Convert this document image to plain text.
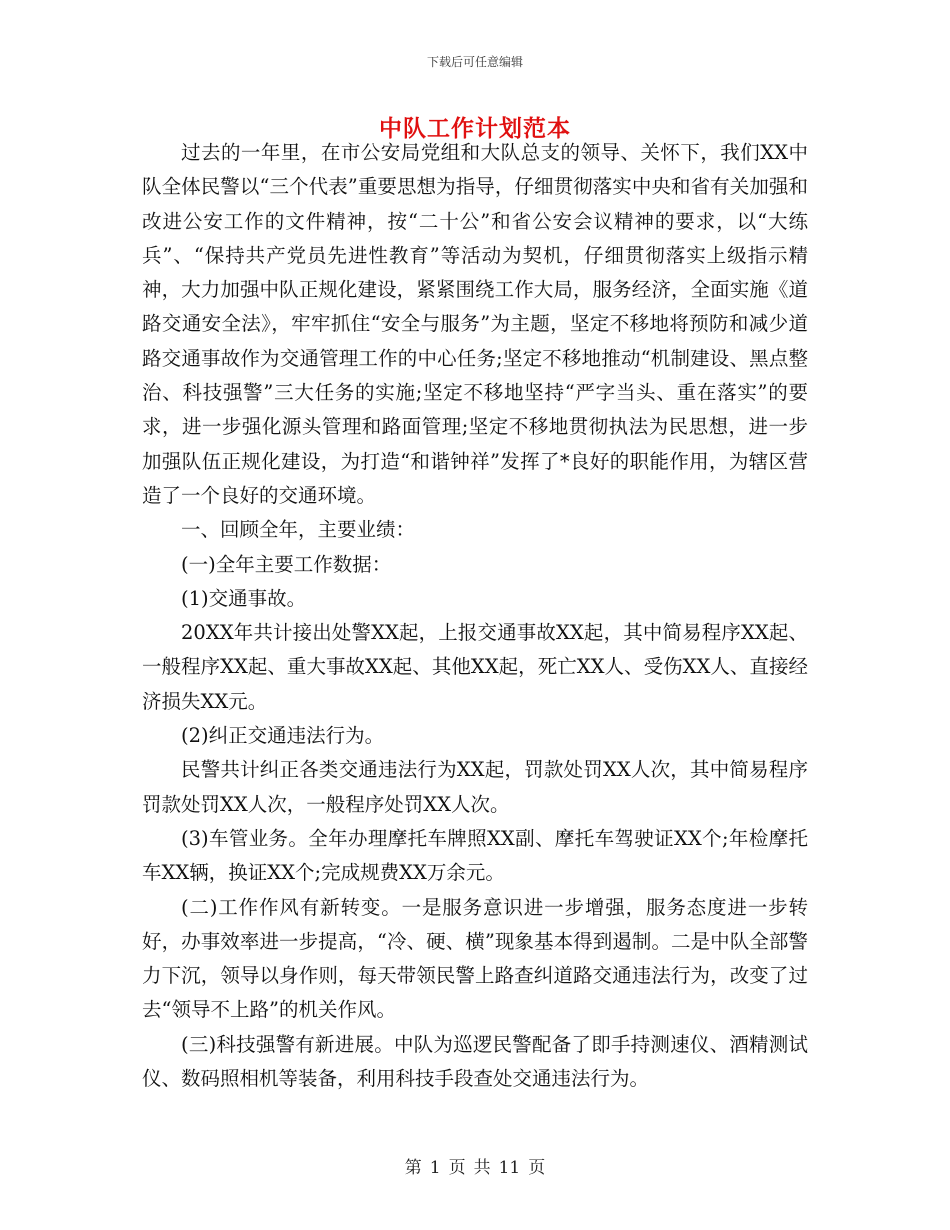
下载后可任意编辑
中队工作计划范本

过去的一年里，在市公安局党组和大队总支的领导、关怀下，我们XX中队全体民警以“三个代表”重要思想为指导，仔细贯彻落实中央和省有关加强和改进公安工作的文件精神，按“二十公”和省公安会议精神的要求，以“大练兵”、“保持共产党员先进性教育”等活动为契机，仔细贯彻落实上级指示精神，大力加强中队正规化建设，紧紧围绕工作大局，服务经济，全面实施《道路交通安全法》，牢牢抓住“安全与服务”为主题，坚定不移地将预防和减少道路交通事故作为交通管理工作的中心任务;坚定不移地推动“机制建设、黑点整治、科技强警”三大任务的实施;坚定不移地坚持“严字当头、重在落实”的要求，进一步强化源头管理和路面管理;坚定不移地贯彻执法为民思想，进一步加强队伍正规化建设，为打造“和谐钟祥”发挥了*良好的职能作用，为辖区营造了一个良好的交通环境。

一、回顾全年，主要业绩：

(一)全年主要工作数据：

(1)交通事故。

20XX年共计接出处警XX起，上报交通事故XX起，其中简易程序XX起、一般程序XX起、重大事故XX起、其他XX起，死亡XX人、受伤XX人、直接经济损失XX元。

(2)纠正交通违法行为。

民警共计纠正各类交通违法行为XX起，罚款处罚XX人次，其中简易程序罚款处罚XX人次，一般程序处罚XX人次。

(3)车管业务。全年办理摩托车牌照XX副、摩托车驾驶证XX个;年检摩托车XX辆，换证XX个;完成规费XX万余元。

(二)工作作风有新转变。一是服务意识进一步增强，服务态度进一步转好，办事效率进一步提高，“冷、硬、横”现象基本得到遏制。二是中队全部警力下沉，领导以身作则，每天带领民警上路查纠道路交通违法行为，改变了过去“领导不上路”的机关作风。

(三)科技强警有新进展。中队为巡逻民警配备了即手持测速仪、酒精测试仪、数码照相机等装备，利用科技手段查处交通违法行为。

第 1 页 共 11 页
